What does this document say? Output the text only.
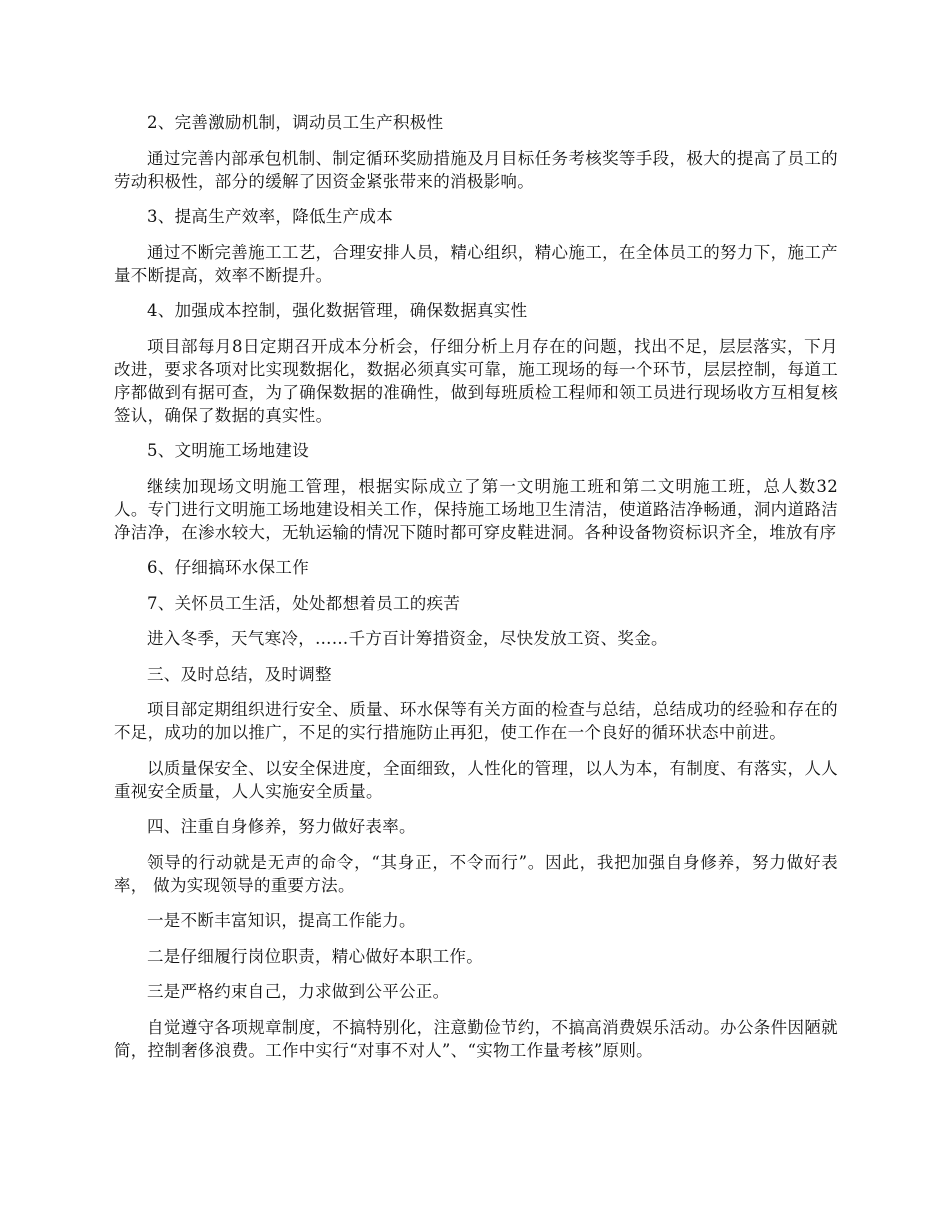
2、完善激励机制，调动员工生产积极性

通过完善内部承包机制、制定循环奖励措施及月目标任务考核奖等手段，极大的提高了员工的劳动积极性，部分的缓解了因资金紧张带来的消极影响。

3、提高生产效率，降低生产成本

通过不断完善施工工艺，合理安排人员，精心组织，精心施工，在全体员工的努力下，施工产量不断提高，效率不断提升。

4、加强成本控制，强化数据管理，确保数据真实性

项目部每月8日定期召开成本分析会，仔细分析上月存在的问题，找出不足，层层落实，下月改进，要求各项对比实现数据化，数据必须真实可靠，施工现场的每一个环节，层层控制，每道工序都做到有据可查，为了确保数据的准确性，做到每班质检工程师和领工员进行现场收方互相复核签认，确保了数据的真实性。

5、文明施工场地建设

继续加现场文明施工管理，根据实际成立了第一文明施工班和第二文明施工班，总人数32人。专门进行文明施工场地建设相关工作，保持施工场地卫生清洁，使道路洁净畅通，洞内道路洁净洁净，在渗水较大，无轨运输的情况下随时都可穿皮鞋进洞。各种设备物资标识齐全，堆放有序

6、仔细搞环水保工作

7、关怀员工生活，处处都想着员工的疾苦

进入冬季，天气寒冷，……千方百计筹措资金，尽快发放工资、奖金。

三、及时总结，及时调整

项目部定期组织进行安全、质量、环水保等有关方面的检查与总结，总结成功的经验和存在的不足，成功的加以推广，不足的实行措施防止再犯，使工作在一个良好的循环状态中前进。

以质量保安全、以安全保进度，全面细致，人性化的管理，以人为本，有制度、有落实，人人重视安全质量，人人实施安全质量。

四、注重自身修养，努力做好表率。

领导的行动就是无声的命令，“其身正，不令而行”。因此，我把加强自身修养，努力做好表率， 做为实现领导的重要方法。

一是不断丰富知识，提高工作能力。

二是仔细履行岗位职责，精心做好本职工作。

三是严格约束自己，力求做到公平公正。

自觉遵守各项规章制度，不搞特别化，注意勤俭节约，不搞高消费娱乐活动。办公条件因陋就简，控制奢侈浪费。工作中实行“对事不对人”、“实物工作量考核”原则。
